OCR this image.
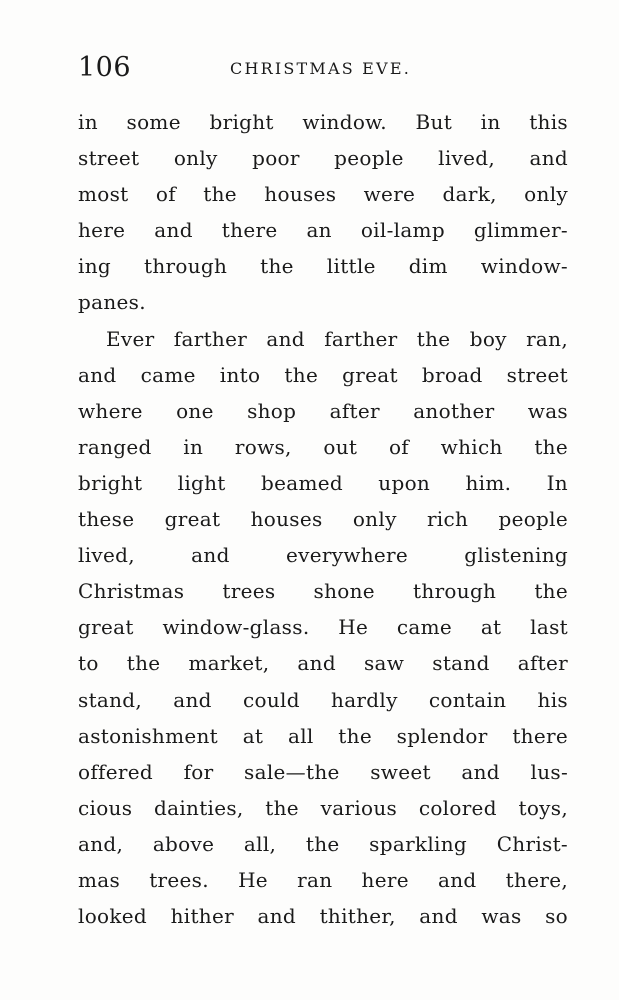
106	CHRISTMAS EVE.
in some bright window. But in this
street only poor people lived, and
most of the houses were dark, only
here and there an oil-lamp glimmer-
ing through the little dim window-
panes.
Ever farther and farther the boy ran,
and came into the great broad street
where one shop after another was
ranged in rows, out of which the
bright light beamed upon him. In
these great houses only rich people
lived, and everywhere glistening
Christmas trees shone through the
great window-glass. He came at last
to the market, and saw stand after
stand, and could hardly contain his
astonishment at all the splendor there
offered for sale—the sweet and lus-
cious dainties, the various colored toys,
and, above all, the sparkling Christ-
mas trees. He ran here and there,
looked hither and thither, and was so
